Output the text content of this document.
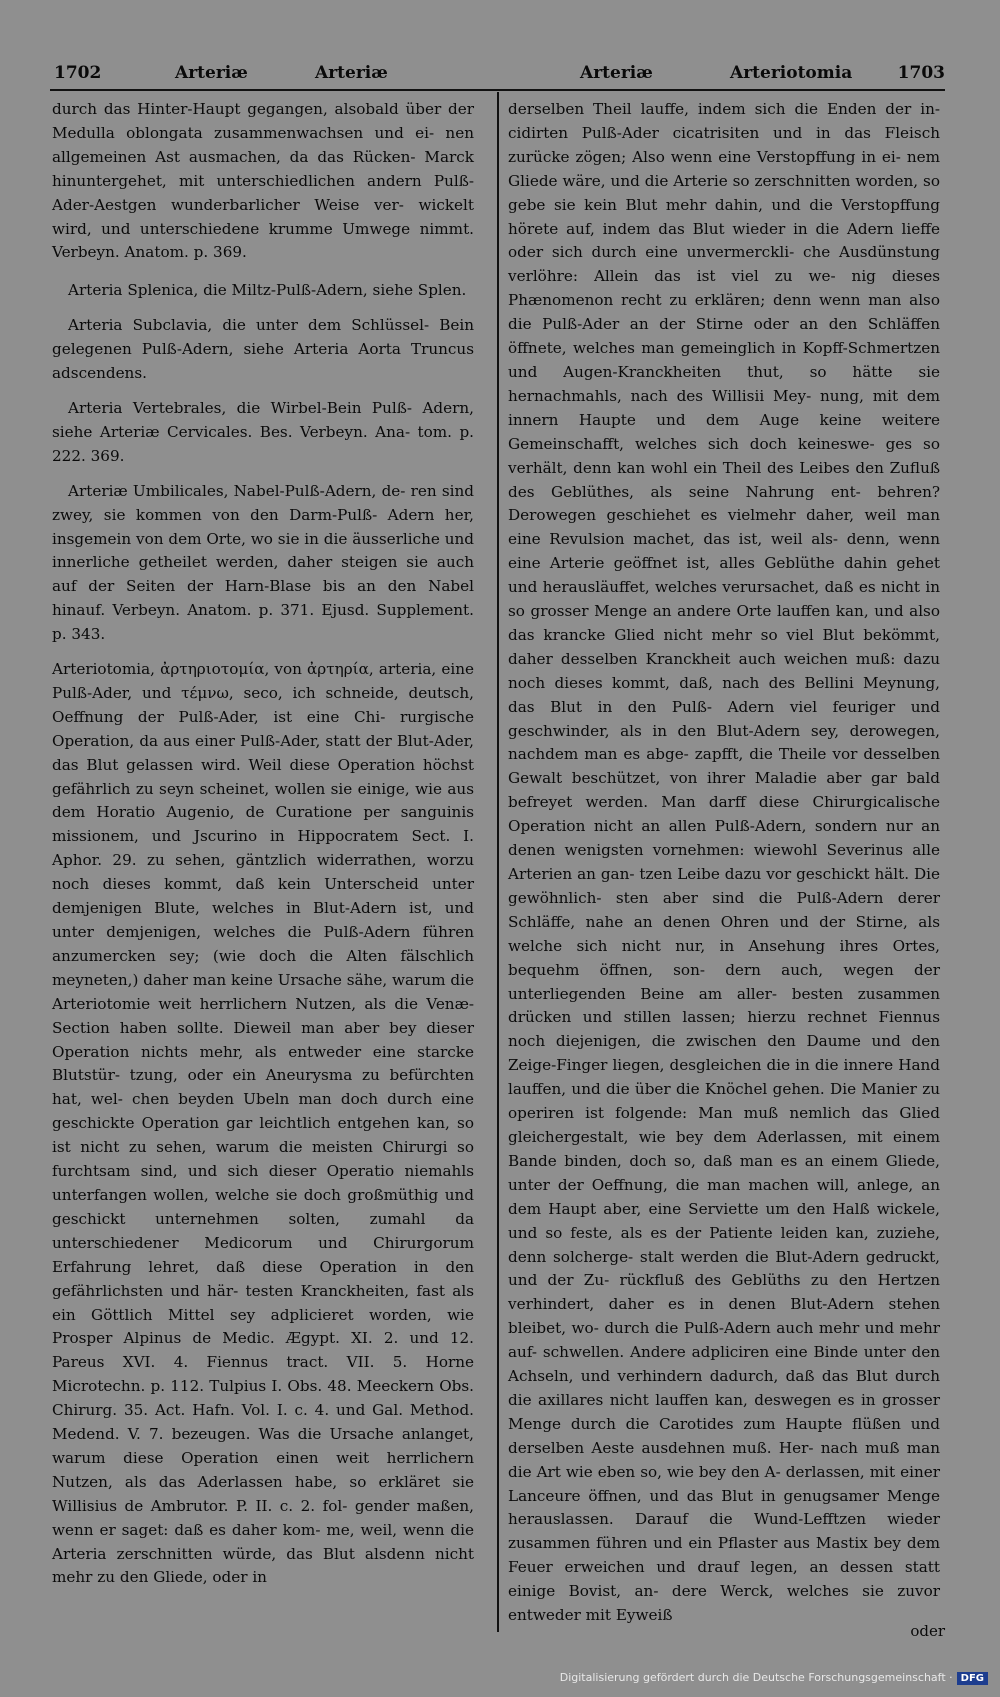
1702	Arteriæ	Arteriæ	Arteriæ	Arteriotomia	1703

durch das Hinter-Haupt gegangen, alsobald über der Medulla oblongata zusammenwachsen und ei- nen allgemeinen Ast ausmachen, da das Rücken- Marck hinuntergehet, mit unterschiedlichen andern Pulß-Ader-Aestgen wunderbarlicher Weise ver- wickelt wird, und unterschiedene krumme Umwege nimmt. Verbeyn. Anatom. p. 369.

Arteria Splenica, die Miltz-Pulß-Adern, siehe Splen.

Arteria Subclavia, die unter dem Schlüssel- Bein gelegenen Pulß-Adern, siehe Arteria Aorta Truncus adscendens.

Arteria Vertebrales, die Wirbel-Bein Pulß- Adern, siehe Arteriæ Cervicales. Bes. Verbeyn. Ana- tom. p. 222. 369.

Arteriæ Umbilicales, Nabel-Pulß-Adern, de- ren sind zwey, sie kommen von den Darm-Pulß- Adern her, insgemein von dem Orte, wo sie in die äusserliche und innerliche getheilet werden, daher steigen sie auch auf der Seiten der Harn-Blase bis an den Nabel hinauf. Verbeyn. Anatom. p. 371. Ejusd. Supplement. p. 343.

Arteriotomia, ἀρτηριοτομία, von ἀρτηρία, arteria, eine Pulß-Ader, und τέμνω, seco, ich schneide, deutsch, Oeffnung der Pulß-Ader, ist eine Chi- rurgische Operation, da aus einer Pulß-Ader, statt der Blut-Ader, das Blut gelassen wird. Weil diese Operation höchst gefährlich zu seyn scheinet, wollen sie einige, wie aus dem Horatio Augenio, de Curatione per sanguinis missionem, und Jscurino in Hippocratem Sect. I. Aphor. 29. zu sehen, gäntzlich widerrathen, worzu noch dieses kommt, daß kein Unterscheid unter demjenigen Blute, welches in Blut-Adern ist, und unter demjenigen, welches die Pulß-Adern führen anzumercken sey; (wie doch die Alten fälschlich meyneten,) daher man keine Ursache sähe, warum die Arteriotomie weit herrlichern Nutzen, als die Venæ-Section haben sollte. Dieweil man aber bey dieser Operation nichts mehr, als entweder eine starcke Blutstür- tzung, oder ein Aneurysma zu befürchten hat, wel- chen beyden Ubeln man doch durch eine geschickte Operation gar leichtlich entgehen kan, so ist nicht zu sehen, warum die meisten Chirurgi so furchtsam sind, und sich dieser Operatio niemahls unterfangen wollen, welche sie doch großmüthig und geschickt unternehmen solten, zumahl da unterschiedener Medicorum und Chirurgorum Erfahrung lehret, daß diese Operation in den gefährlichsten und här- testen Kranckheiten, fast als ein Göttlich Mittel sey adplicieret worden, wie Prosper Alpinus de Medic. Ægypt. XI. 2. und 12. Pareus XVI. 4. Fiennus tract. VII. 5. Horne Microtechn. p. 112. Tulpius I. Obs. 48. Meeckern Obs. Chirurg. 35. Act. Hafn. Vol. I. c. 4. und Gal. Method. Medend. V. 7. bezeugen. Was die Ursache anlanget, warum diese Operation einen weit herrlichern Nutzen, als das Aderlassen habe, so erkläret sie Willisius de Ambrutor. P. II. c. 2. fol- gender maßen, wenn er saget: daß es daher kom- me, weil, wenn die Arteria zerschnitten würde, das Blut alsdenn nicht mehr zu den Gliede, oder in

derselben Theil lauffe, indem sich die Enden der in- cidirten Pulß-Ader cicatrisiten und in das Fleisch zurücke zögen; Also wenn eine Verstopffung in ei- nem Gliede wäre, und die Arterie so zerschnitten worden, so gebe sie kein Blut mehr dahin, und die Verstopffung hörete auf, indem das Blut wieder in die Adern lieffe oder sich durch eine unvermerckli- che Ausdünstung verlöhre: Allein das ist viel zu we- nig dieses Phænomenon recht zu erklären; denn wenn man also die Pulß-Ader an der Stirne oder an den Schläffen öffnete, welches man gemeinglich in Kopff-Schmertzen und Augen-Kranckheiten thut, so hätte sie hernachmahls, nach des Willisii Mey- nung, mit dem innern Haupte und dem Auge keine weitere Gemeinschafft, welches sich doch keineswe- ges so verhält, denn kan wohl ein Theil des Leibes den Zufluß des Geblüthes, als seine Nahrung ent- behren? Derowegen geschiehet es vielmehr daher, weil man eine Revulsion machet, das ist, weil als- denn, wenn eine Arterie geöffnet ist, alles Geblüthe dahin gehet und herausläuffet, welches verursachet, daß es nicht in so grosser Menge an andere Orte lauffen kan, und also das krancke Glied nicht mehr so viel Blut bekömmt, daher desselben Kranckheit auch weichen muß: dazu noch dieses kommt, daß, nach des Bellini Meynung, das Blut in den Pulß- Adern viel feuriger und geschwinder, als in den Blut-Adern sey, derowegen, nachdem man es abge- zapfft, die Theile vor desselben Gewalt beschützet, von ihrer Maladie aber gar bald befreyet werden. Man darff diese Chirurgicalische Operation nicht an allen Pulß-Adern, sondern nur an denen wenigsten vornehmen: wiewohl Severinus alle Arterien an gan- tzen Leibe dazu vor geschickt hält. Die gewöhnlich- sten aber sind die Pulß-Adern derer Schläffe, nahe an denen Ohren und der Stirne, als welche sich nicht nur, in Ansehung ihres Ortes, bequehm öffnen, son- dern auch, wegen der unterliegenden Beine am aller- besten zusammen drücken und stillen lassen; hierzu rechnet Fiennus noch diejenigen, die zwischen den Daume und den Zeige-Finger liegen, desgleichen die in die innere Hand lauffen, und die über die Knöchel gehen. Die Manier zu operiren ist folgende: Man muß nemlich das Glied gleichergestalt, wie bey dem Aderlassen, mit einem Bande binden, doch so, daß man es an einem Gliede, unter der Oeffnung, die man machen will, anlege, an dem Haupt aber, eine Serviette um den Halß wickele, und so feste, als es der Patiente leiden kan, zuziehe, denn solcherge- stalt werden die Blut-Adern gedruckt, und der Zu- rückfluß des Geblüths zu den Hertzen verhindert, daher es in denen Blut-Adern stehen bleibet, wo- durch die Pulß-Adern auch mehr und mehr auf- schwellen. Andere adpliciren eine Binde unter den Achseln, und verhindern dadurch, daß das Blut durch die axillares nicht lauffen kan, deswegen es in grosser Menge durch die Carotides zum Haupte flüßen und derselben Aeste ausdehnen muß. Her- nach muß man die Art wie eben so, wie bey den A- derlassen, mit einer Lanceure öffnen, und das Blut in genugsamer Menge herauslassen. Darauf die Wund-Lefftzen wieder zusammen führen und ein Pflaster aus Mastix bey dem Feuer erweichen und drauf legen, an dessen statt einige Bovist, an- dere Werck, welches sie zuvor entweder mit Eyweiß

oder
Digitalisierung gefördert durch die Deutsche Forschungsgemeinschaft · DFG
